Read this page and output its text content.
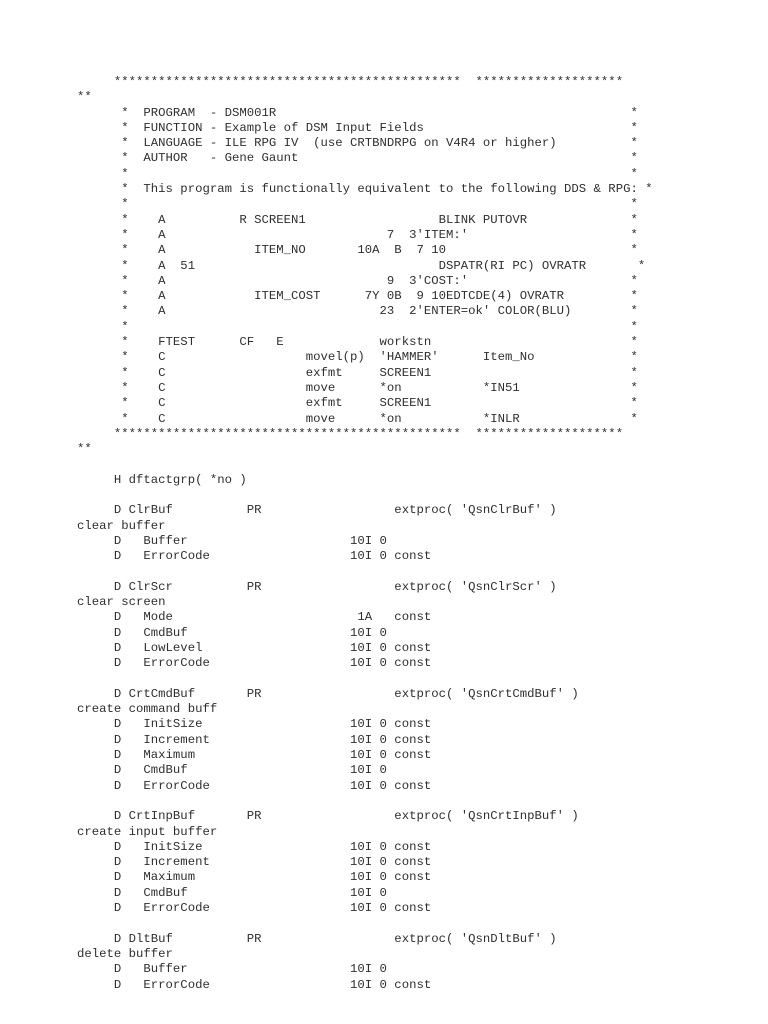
***********************************************  ********************
**
*  PROGRAM  - DSM001R                                                *
*  FUNCTION - Example of DSM Input Fields                            *
*  LANGUAGE - ILE RPG IV  (use CRTBNDRPG on V4R4 or higher)          *
*  AUTHOR   - Gene Gaunt                                             *
*                                                                    *
*  This program is functionally equivalent to the following DDS & RPG: *
*                                                                    *
*    A          R SCREEN1                  BLINK PUTOVR              *
*    A                              7  3'ITEM:'                      *
*    A            ITEM_NO       10A  B  7 10                         *
*    A  51                                 DSPATR(RI PC) OVRATR       *
*    A                              9  3'COST:'                      *
*    A            ITEM_COST      7Y 0B  9 10EDTCDE(4) OVRATR         *
*    A                             23  2'ENTER=ok' COLOR(BLU)        *
*                                                                    *
*    FTEST      CF   E             workstn                           *
*    C                   movel(p)  'HAMMER'      Item_No             *
*    C                   exfmt     SCREEN1                           *
*    C                   move      *on           *IN51               *
*    C                   exfmt     SCREEN1                           *
*    C                   move      *on           *INLR               *
***********************************************  ********************
**
H dftactgrp( *no )
D ClrBuf          PR                  extproc( 'QsnClrBuf' )
clear buffer
D   Buffer                      10I 0
D   ErrorCode                   10I 0 const
D ClrScr          PR                  extproc( 'QsnClrScr' )
clear screen
D   Mode                         1A   const
D   CmdBuf                      10I 0
D   LowLevel                    10I 0 const
D   ErrorCode                   10I 0 const
D CrtCmdBuf       PR                  extproc( 'QsnCrtCmdBuf' )
create command buff
D   InitSize                    10I 0 const
D   Increment                   10I 0 const
D   Maximum                     10I 0 const
D   CmdBuf                      10I 0
D   ErrorCode                   10I 0 const
D CrtInpBuf       PR                  extproc( 'QsnCrtInpBuf' )
create input buffer
D   InitSize                    10I 0 const
D   Increment                   10I 0 const
D   Maximum                     10I 0 const
D   CmdBuf                      10I 0
D   ErrorCode                   10I 0 const
D DltBuf          PR                  extproc( 'QsnDltBuf' )
delete buffer
D   Buffer                      10I 0
D   ErrorCode                   10I 0 const
